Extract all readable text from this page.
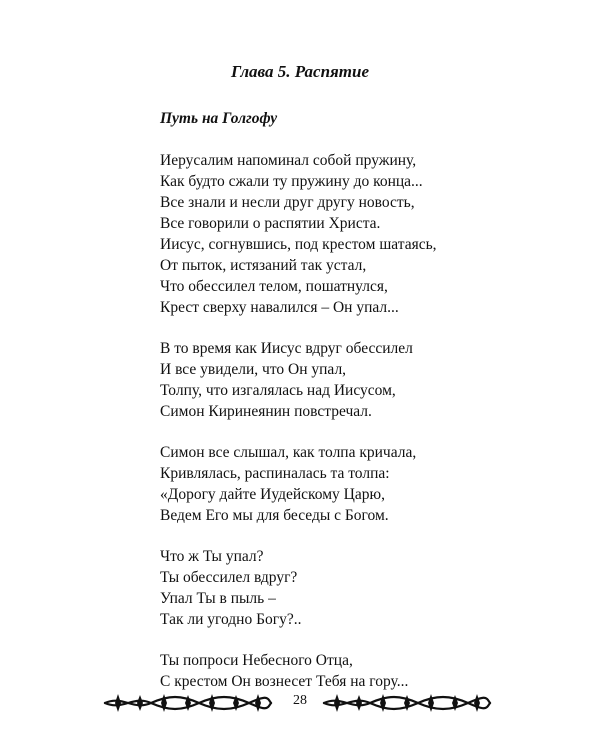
Глава 5. Распятие
Путь на Голгофу
Иерусалим напоминал собой пружину,
Как будто сжали ту пружину до конца...
Все знали и несли друг другу новость,
Все говорили о распятии Христа.
Иисус, согнувшись, под крестом шатаясь,
От пыток, истязаний так устал,
Что обессилел телом, пошатнулся,
Крест сверху навалился – Он упал...
В то время как Иисус вдруг обессилел
И все увидели, что Он упал,
Толпу, что изгалялась над Иисусом,
Симон Киринеянин повстречал.
Симон все слышал, как толпа кричала,
Кривлялась, распиналась та толпа:
«Дорогу дайте Иудейскому Царю,
Ведем Его мы для беседы с Богом.
Что ж Ты упал?
Ты обессилел вдруг?
Упал Ты в пыль –
Так ли угодно Богу?..
Ты попроси Небесного Отца,
С крестом Он вознесет Тебя на гору...
28
